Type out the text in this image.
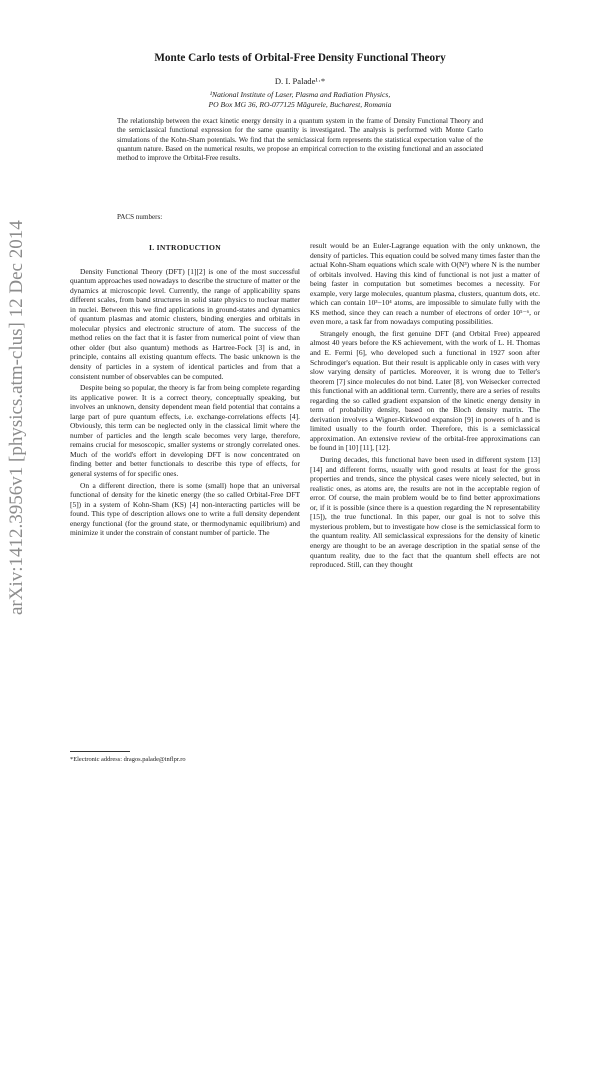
arXiv:1412.3956v1 [physics.atm-clus] 12 Dec 2014
Monte Carlo tests of Orbital-Free Density Functional Theory
D. I. Palade¹·*
¹National Institute of Laser, Plasma and Radiation Physics,
PO Box MG 36, RO-077125 Măgurele, Bucharest, Romania
The relationship between the exact kinetic energy density in a quantum system in the frame of Density Functional Theory and the semiclassical functional expression for the same quantity is investigated. The analysis is performed with Monte Carlo simulations of the Kohn-Sham potentials. We find that the semiclassical form represents the statistical expectation value of the quantum nature. Based on the numerical results, we propose an empirical correction to the existing functional and an associated method to improve the Orbital-Free results.
PACS numbers:
I. INTRODUCTION

Density Functional Theory (DFT) [1][2] is one of the most successful quantum approaches used nowadays to describe the structure of matter or the dynamics at microscopic level. Currently, the range of applicability spans different scales, from band structures in solid state physics to nuclear matter in nuclei. Between this we find applications in ground-states and dynamics of quantum plasmas and atomic clusters, binding energies and orbitals in molecular physics and electronic structure of atom. The success of the method relies on the fact that it is faster from numerical point of view than other older (but also quantum) methods as Hartree-Fock [3] is and, in principle, contains all existing quantum effects. The basic unknown is the density of particles in a system of identical particles and from that a consistent number of observables can be computed.

Despite being so popular, the theory is far from being complete regarding its applicative power. It is a correct theory, conceptually speaking, but involves an unknown, density dependent mean field potential that contains a large part of pure quantum effects, i.e. exchange-correlations effects [4]. Obviously, this term can be neglected only in the classical limit where the number of particles and the length scale becomes very large, therefore, remains crucial for mesoscopic, smaller systems or strongly correlated ones. Much of the world's effort in developing DFT is now concentrated on finding better and better functionals to describe this type of effects, for general systems of for specific ones.

On a different direction, there is some (small) hope that an universal functional of density for the kinetic energy (the so called Orbital-Free DFT [5]) in a system of Kohn-Sham (KS) [4] non-interacting particles will be found. This type of description allows one to write a full density dependent energy functional (for the ground state, or thermodynamic equilibrium) and minimize it under the constrain of constant number of particle. The

result would be an Euler-Lagrange equation with the only unknown, the density of particles. This equation could be solved many times faster than the actual Kohn-Sham equations which scale with O(N³) where N is the number of orbitals involved. Having this kind of functional is not just a matter of being faster in computation but sometimes becomes a necessity. For example, very large molecules, quantum plasma, clusters, quantum dots, etc. which can contain 10³−10⁴ atoms, are impossible to simulate fully with the KS method, since they can reach a number of electrons of order 10⁵⁻⁶, or even more, a task far from nowadays computing possibilities.

Strangely enough, the first genuine DFT (and Orbital Free) appeared almost 40 years before the KS achievement, with the work of L. H. Thomas and E. Fermi [6], who developed such a functional in 1927 soon after Schrodinger's equation. But their result is applicable only in cases with very slow varying density of particles. Moreover, it is wrong due to Teller's theorem [7] since molecules do not bind. Later [8], von Weisecker corrected this functional with an additional term. Currently, there are a series of results regarding the so called gradient expansion of the kinetic energy density in term of probability density, based on the Bloch density matrix. The derivation involves a Wigner-Kirkwood expansion [9] in powers of ħ and is limited usually to the fourth order. Therefore, this is a semiclassical approximation. An extensive review of the orbital-free approximations can be found in [10] [11], [12].

During decades, this functional have been used in different system [13] [14] and different forms, usually with good results at least for the gross properties and trends, since the physical cases were nicely selected, but in realistic ones, as atoms are, the results are not in the acceptable region of error. Of course, the main problem would be to find better approximations or, if it is possible (since there is a question regarding the N representability [15]), the true functional. In this paper, our goal is not to solve this mysterious problem, but to investigate how close is the semiclassical form to the quantum reality. All semiclassical expressions for the density of kinetic energy are thought to be an average description in the spatial sense of the quantum reality, due to the fact that the quantum shell effects are not reproduced. Still, can they thought

*Electronic address: dragos.palade@inflpr.ro
